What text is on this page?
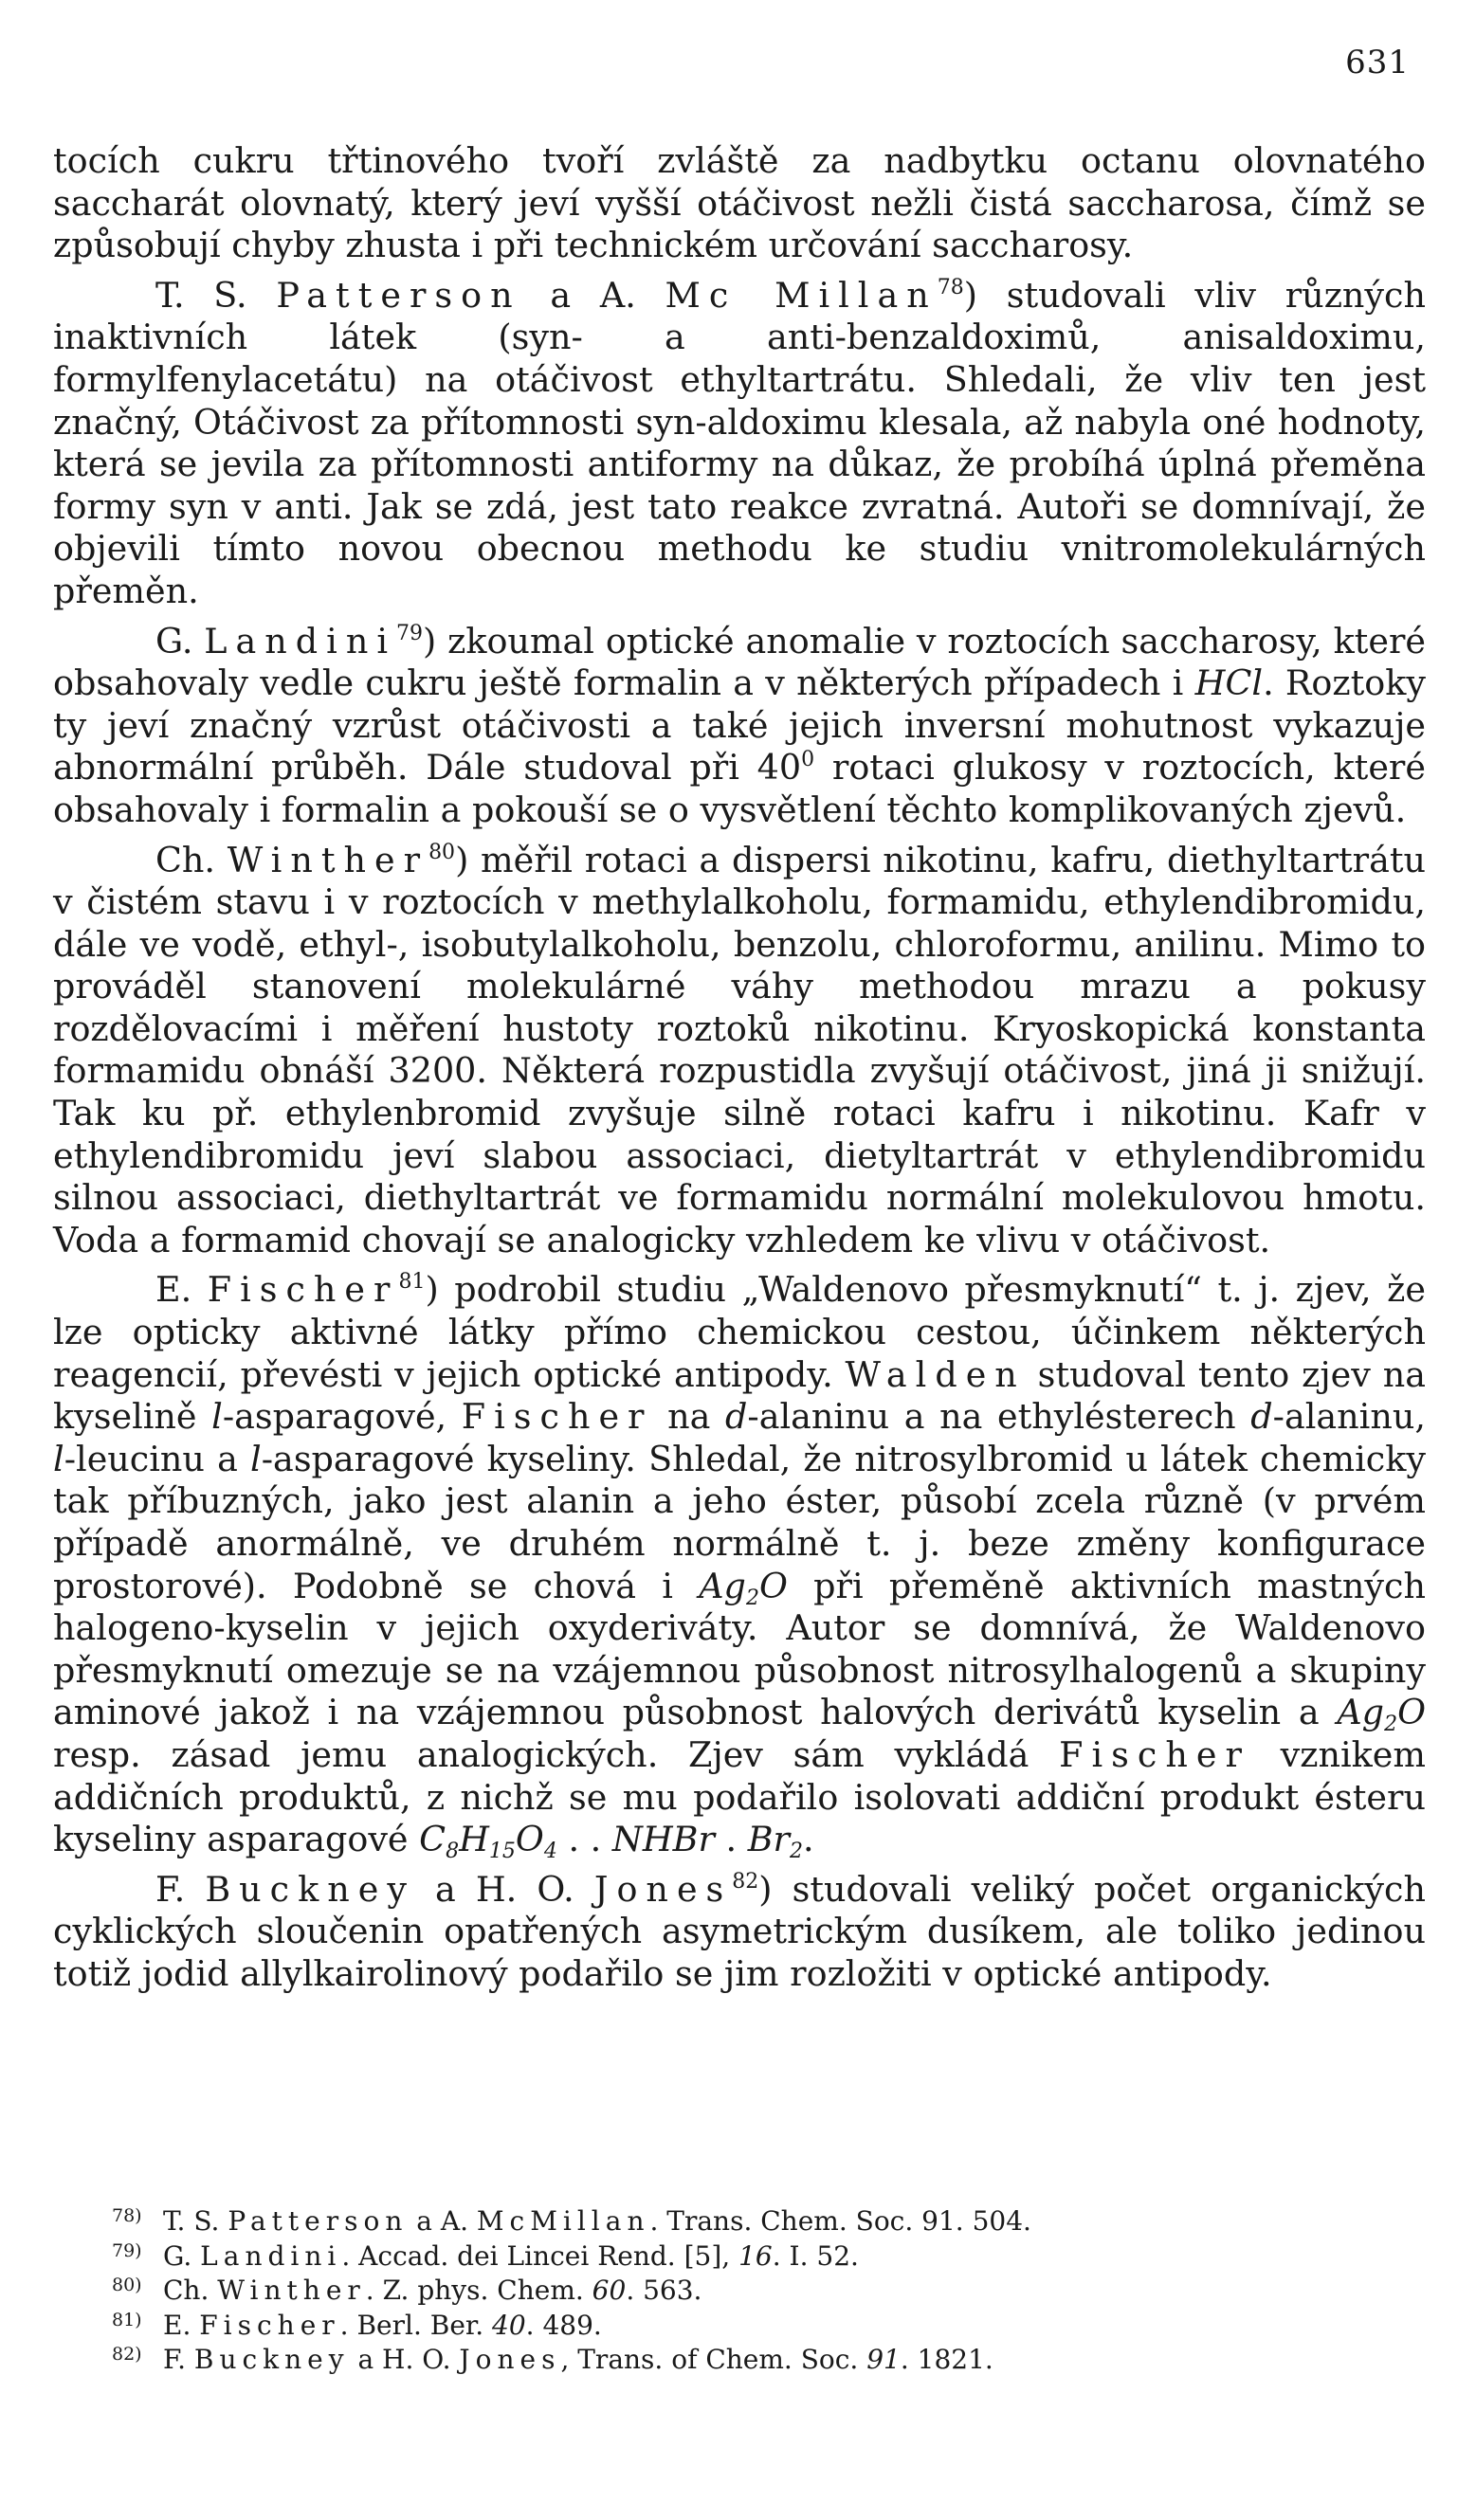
631

tocích cukru třtinového tvoří zvláště za nadbytku octanu olovnatého saccharát olovnatý, který jeví vyšší otáčivost nežli čistá saccharosa, čímž se způsobují chyby zhusta i při technickém určování saccharosy.

T. S. Patterson a A. Mc Millan$^{78}$) studovali vliv různých inaktivních látek (syn- a anti-benzaldoximů, anisaldoximu, formylfenylacetátu) na otáčivost ethyltartrátu. Shledali, že vliv ten jest značný, Otáčivost za přítomnosti syn-aldoximu klesala, až nabyla oné hodnoty, která se jevila za přítomnosti antiformy na důkaz, že probíhá úplná přeměna formy syn v anti. Jak se zdá, jest tato reakce zvratná. Autoři se domnívají, že objevili tímto novou obecnou methodu ke studiu vnitromolekulárných přeměn.

G. Landini$^{79}$) zkoumal optické anomalie v roztocích saccharosy, které obsahovaly vedle cukru ještě formalin a v některých případech i HCl. Roztoky ty jeví značný vzrůst otáčivosti a také jejich inversní mohutnost vykazuje abnormální průběh. Dále studoval při $40^0$ rotaci glukosy v roztocích, které obsahovaly i formalin a pokouší se o vysvětlení těchto komplikovaných zjevů.

Ch. Winther$^{80}$) měřil rotaci a dispersi nikotinu, kafru, diethyltartrátu v čistém stavu i v roztocích v methylalkoholu, formamidu, ethylendibromidu, dále ve vodě, ethyl-, isobutylalkoholu, benzolu, chloroformu, anilinu. Mimo to prováděl stanovení molekulárné váhy methodou mrazu a pokusy rozdělovacími i měření hustoty roztoků nikotinu. Kryoskopická konstanta formamidu obnáší 3200. Některá rozpustidla zvyšují otáčivost, jiná ji snižují. Tak ku př. ethylenbromid zvyšuje silně rotaci kafru i nikotinu. Kafr v ethylendibromidu jeví slabou associaci, dietyltartrát v ethylendibromidu silnou associaci, diethyltartrát ve formamidu normální molekulovou hmotu. Voda a formamid chovají se analogicky vzhledem ke vlivu v otáčivost.

E. Fischer$^{81}$) podrobil studiu „Waldenovo přesmyknutí“ t. j. zjev, že lze opticky aktivné látky přímo chemickou cestou, účinkem některých reagencií, převésti v jejich optické antipody. Walden studoval tento zjev na kyselině l-asparagové, Fischer na d-alaninu a na ethylésterech d-alaninu, l-leucinu a l-asparagové kyseliny. Shledal, že nitrosylbromid u látek chemicky tak příbuzných, jako jest alanin a jeho éster, působí zcela různě (v prvém případě anormálně, ve druhém normálně t. j. beze změny konfigurace prostorové). Podobně se chová i $Ag_2O$ při přeměně aktivních mastných halogeno-kyselin v jejich oxyderiváty. Autor se domnívá, že Waldenovo přesmyknutí omezuje se na vzájemnou působnost nitrosylhalogenů a skupiny aminové jakož i na vzájemnou působnost halových derivátů kyselin a $Ag_2O$ resp. zásad jemu analogických. Zjev sám vykládá Fischer vznikem addičních produktů, z nichž se mu podařilo isolovati addiční produkt ésteru kyseliny asparagové $C_8H_{15}O_4$ . . NHBr . $Br_2$.

F. Buckney a H. O. Jones$^{82}$) studovali veliký počet organických cyklických sloučenin opatřených asymetrickým dusíkem, ale toliko jedinou totiž jodid allylkairolinový podařilo se jim rozložiti v optické antipody.

78) T. S. Patterson a A. McMillan. Trans. Chem. Soc. 91. 504.
79) G. Landini. Accad. dei Lincei Rend. [5], 16. I. 52.
80) Ch. Winther. Z. phys. Chem. 60. 563.
81) E. Fischer. Berl. Ber. 40. 489.
82) F. Buckney a H. O. Jones, Trans. of Chem. Soc. 91. 1821.
